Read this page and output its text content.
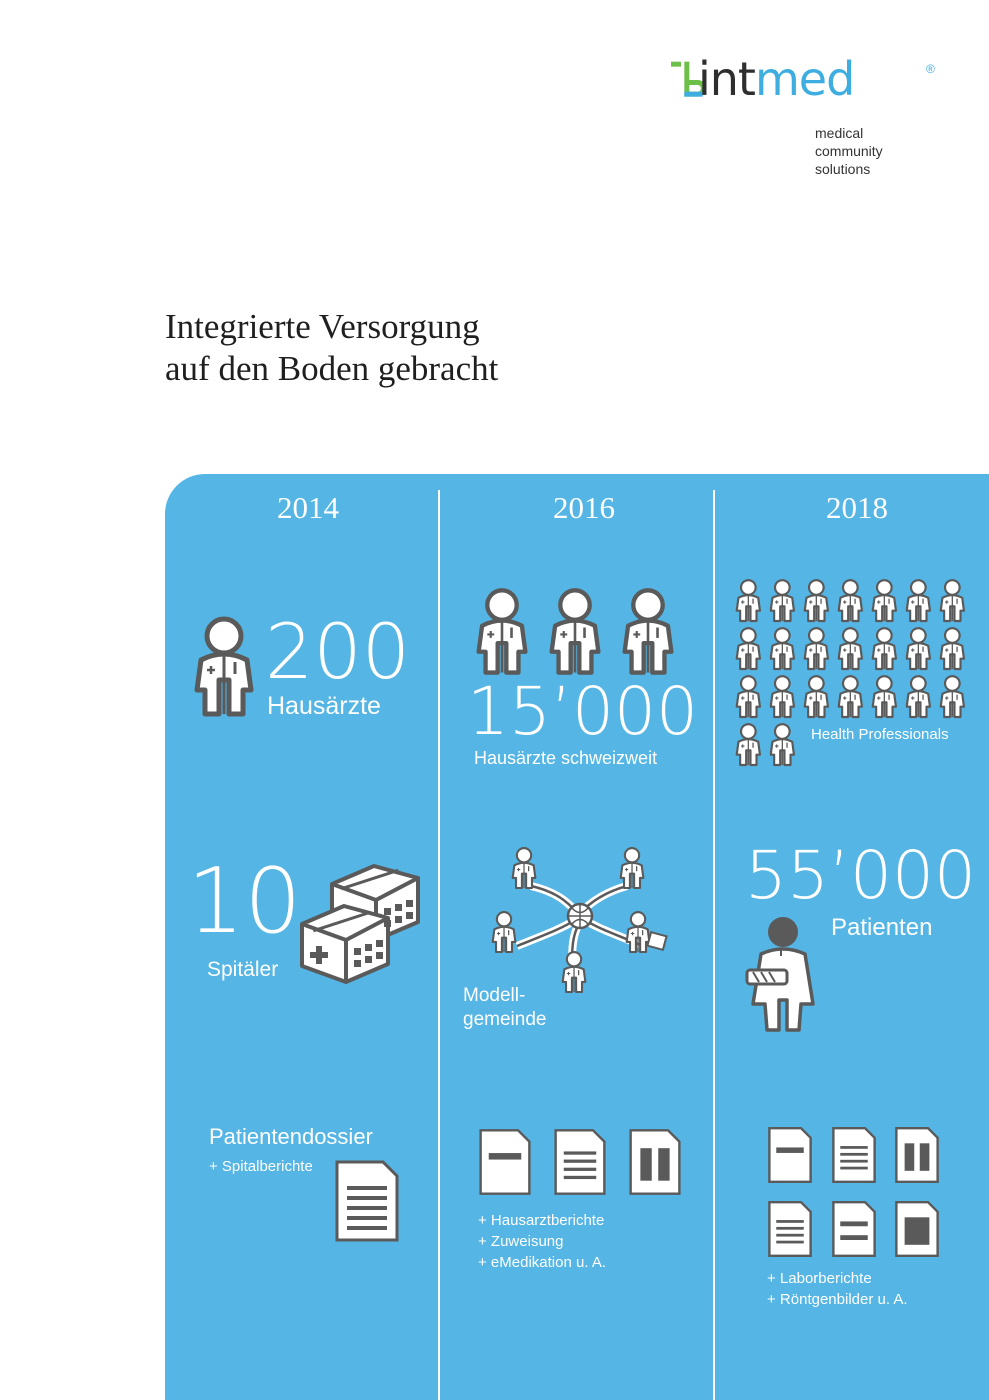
intmed	®
medical
community
solutions
Integrierte Versorgung
auf den Boden gebracht
2014	2016	2018
200
Hausärzte
10
Spitäler
Patientendossier
+ Spitalberichte
15’000
Hausärzte schweizweit
Modell-
gemeinde
+ Hausarztberichte
+ Zuweisung
+ eMedikation u. A.
Health Professionals
55’000
Patienten
+ Laborberichte
+ Röntgenbilder u. A.
